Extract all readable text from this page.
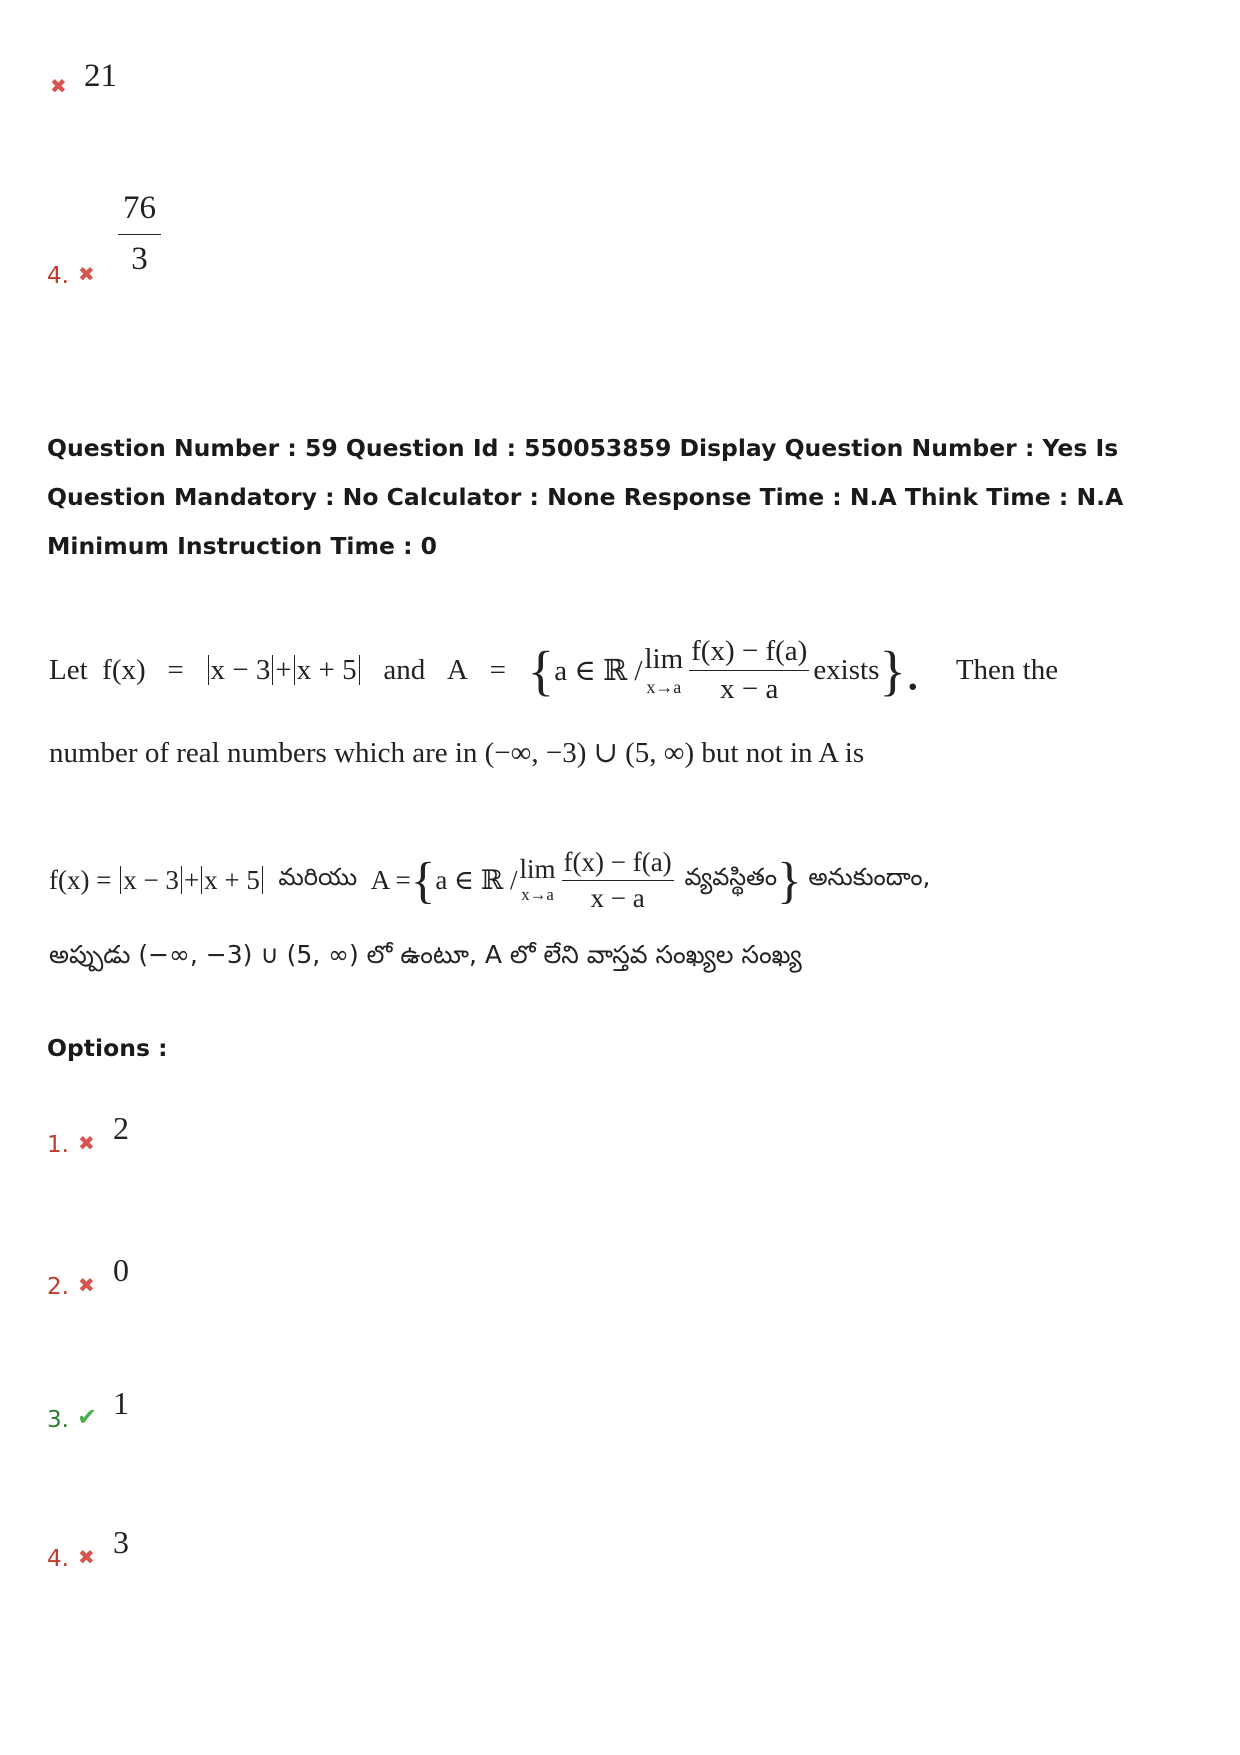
✖ 21
4. ✖ $\frac{76}{3}$
Question Number : 59 Question Id : 550053859 Display Question Number : Yes Is Question Mandatory : No Calculator : None Response Time : N.A Think Time : N.A Minimum Instruction Time : 0
Let
f(x)
=
x − 3 + x + 5
and
A
=
{ a ∈ ℝ / lim
$x\to a \frac{f(x) - f(a)}{x - a}$ exists }.
Then the
number of real numbers which are in (−∞, −3) ∪ (5, ∞) but not in A is
f(x) =
x − 3 + x + 5
మరియు
A = { a ∈ ℝ / lim
$x\to a \frac{f(x) - f(a)}{x - a}$
వ్యవస్థితం }
అనుకుందాం,
అప్పుడు (−∞, −3) ∪ (5, ∞) లో ఉంటూ, A లో లేని వాస్తవ సంఖ్యల సంఖ్య
Options :
1. ✖ 2
2. ✖ 0
3. ✔ 1
4. ✖ 3
